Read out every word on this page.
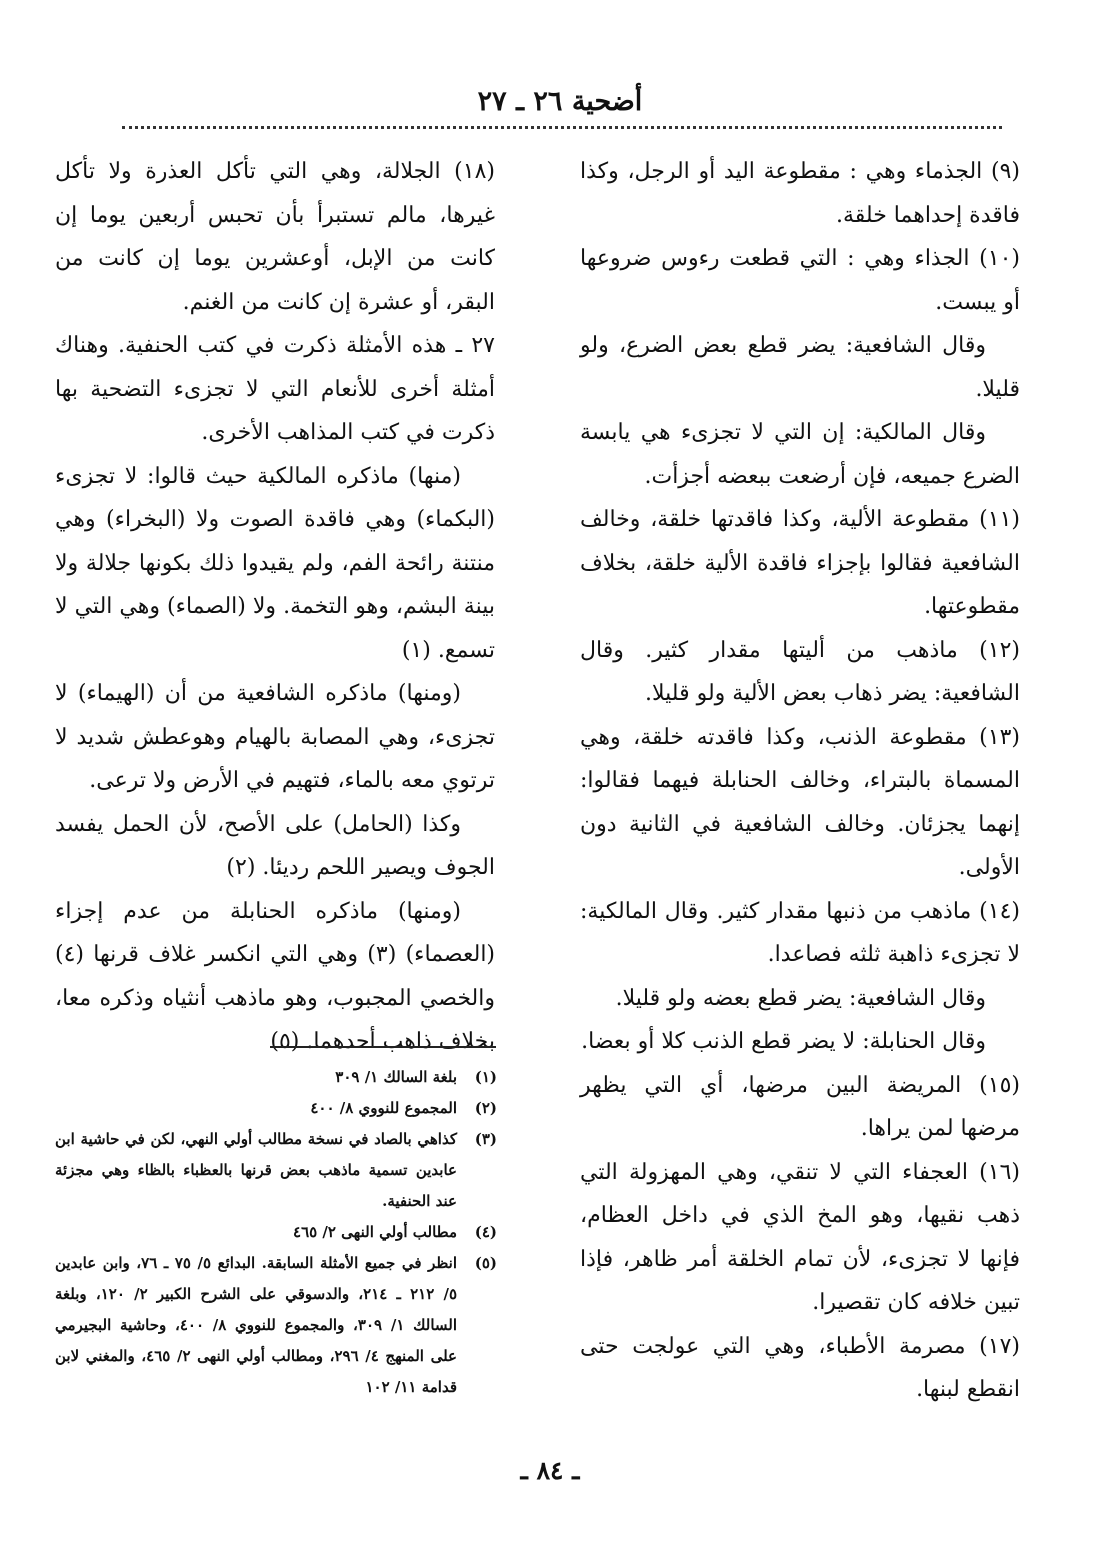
أضحية ٢٦ ـ ٢٧

(٩) الجذماء وهي : مقطوعة اليد أو الرجل، وكذا فاقدة إحداهما خلقة.

(١٠) الجذاء وهي : التي قطعت رءوس ضروعها أو يبست.

وقال الشافعية: يضر قطع بعض الضرع، ولو قليلا.

وقال المالكية: إن التي لا تجزىء هي يابسة الضرع جميعه، فإن أرضعت ببعضه أجزأت.

(١١) مقطوعة الألية، وكذا فاقدتها خلقة، وخالف الشافعية فقالوا بإجزاء فاقدة الألية خلقة، بخلاف مقطوعتها.

(١٢) ماذهب من أليتها مقدار كثير. وقال الشافعية: يضر ذهاب بعض الألية ولو قليلا.

(١٣) مقطوعة الذنب، وكذا فاقدته خلقة، وهي المسماة بالبتراء، وخالف الحنابلة فيهما فقالوا: إنهما يجزئان. وخالف الشافعية في الثانية دون الأولى.

(١٤) ماذهب من ذنبها مقدار كثير. وقال المالكية: لا تجزىء ذاهبة ثلثه فصاعدا.

وقال الشافعية: يضر قطع بعضه ولو قليلا.

وقال الحنابلة: لا يضر قطع الذنب كلا أو بعضا.

(١٥) المريضة البين مرضها، أي التي يظهر مرضها لمن يراها.

(١٦) العجفاء التي لا تنقي، وهي المهزولة التي ذهب نقيها، وهو المخ الذي في داخل العظام، فإنها لا تجزىء، لأن تمام الخلقة أمر ظاهر، فإذا تبين خلافه كان تقصيرا.

(١٧) مصرمة الأطباء، وهي التي عولجت حتى انقطع لبنها.

(١٨) الجلالة، وهي التي تأكل العذرة ولا تأكل غيرها، مالم تستبرأ بأن تحبس أربعين يوما إن كانت من الإبل، أوعشرين يوما إن كانت من البقر، أو عشرة إن كانت من الغنم.

٢٧ ـ هذه الأمثلة ذكرت في كتب الحنفية. وهناك أمثلة أخرى للأنعام التي لا تجزىء التضحية بها ذكرت في كتب المذاهب الأخرى.

(منها) ماذكره المالكية حيث قالوا: لا تجزىء (البكماء) وهي فاقدة الصوت ولا (البخراء) وهي منتنة رائحة الفم، ولم يقيدوا ذلك بكونها جلالة ولا بينة البشم، وهو التخمة. ولا (الصماء) وهي التي لا تسمع. (١)

(ومنها) ماذكره الشافعية من أن (الهيماء) لا تجزىء، وهي المصابة بالهيام وهوعطش شديد لا ترتوي معه بالماء، فتهيم في الأرض ولا ترعى.

وكذا (الحامل) على الأصح، لأن الحمل يفسد الجوف ويصير اللحم رديئا. (٢)

(ومنها) ماذكره الحنابلة من عدم إجزاء (العصماء) (٣) وهي التي انكسر غلاف قرنها (٤) والخصي المجبوب، وهو ماذهب أنثياه وذكره معا، بخلاف ذاهب أحدهما. (٥)

(١)
بلغة السالك ١/ ٣٠٩
(٢)
المجموع للنووي ٨/ ٤٠٠
(٣)
كذاهي بالصاد في نسخة مطالب أولي النهي، لكن في حاشية ابن عابدين تسمية ماذهب بعض قرنها بالعظباء بالظاء وهي مجزئة عند الحنفية.
(٤)
مطالب أولي النهى ٢/ ٤٦٥
(٥)
انظر في جميع الأمثلة السابقة. البدائع ٥/ ٧٥ ـ ٧٦، وابن عابدين ٥/ ٢١٢ ـ ٢١٤، والدسوقي على الشرح الكبير ٢/ ١٢٠، وبلغة السالك ١/ ٣٠٩، والمجموع للنووي ٨/ ٤٠٠، وحاشية البجيرمي على المنهج ٤/ ٢٩٦، ومطالب أولي النهى ٢/ ٤٦٥، والمغني لابن قدامة ١١/ ١٠٢
ـ ٨٤ ـ
